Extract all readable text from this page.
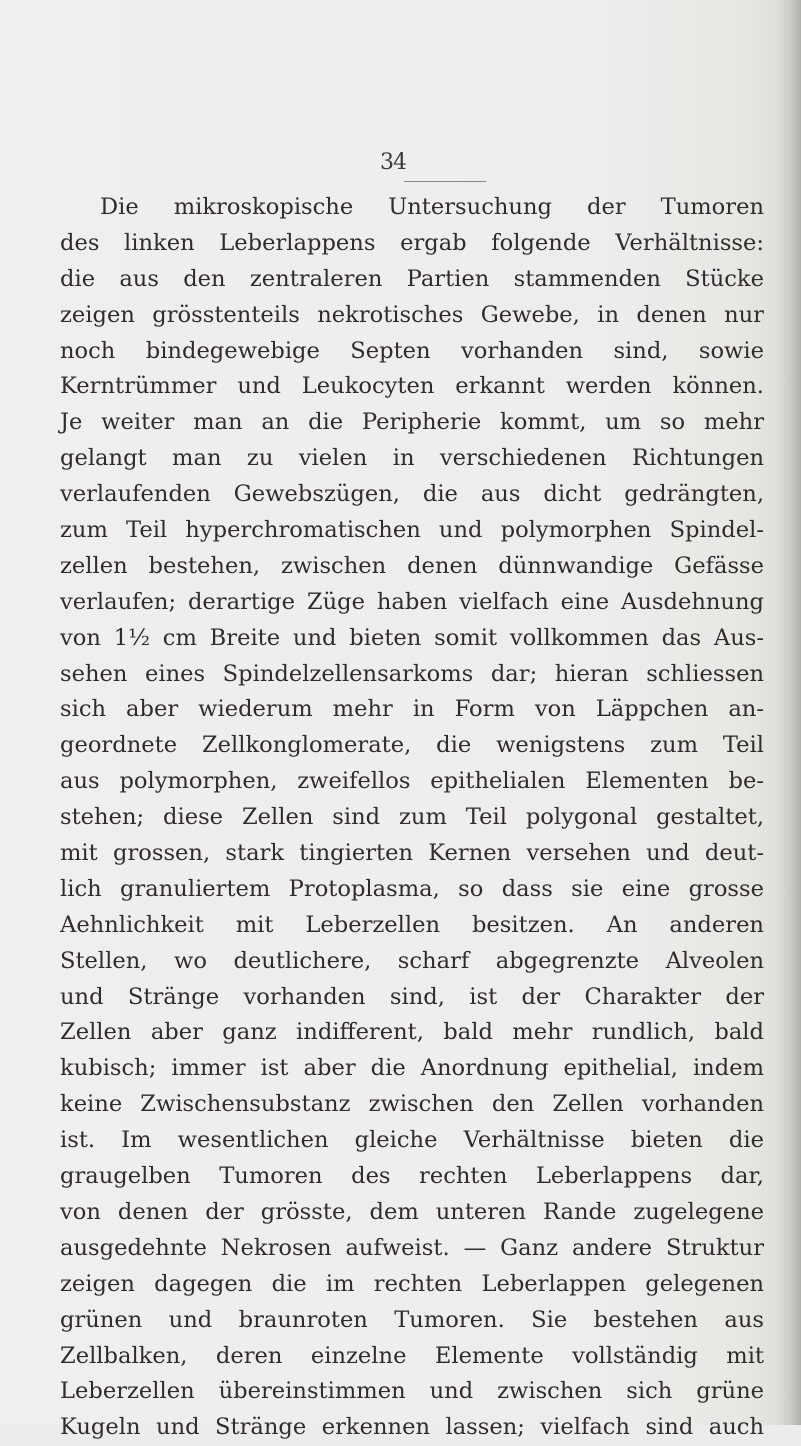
34
Die mikroskopische Untersuchung der Tumoren
des linken Leberlappens ergab folgende Verhältnisse:
die aus den zentraleren Partien stammenden Stücke
zeigen grösstenteils nekrotisches Gewebe, in denen nur
noch bindegewebige Septen vorhanden sind, sowie
Kerntrümmer und Leukocyten erkannt werden können.
Je weiter man an die Peripherie kommt, um so mehr
gelangt man zu vielen in verschiedenen Richtungen
verlaufenden Gewebszügen, die aus dicht gedrängten,
zum Teil hyperchromatischen und polymorphen Spindel-
zellen bestehen, zwischen denen dünnwandige Gefässe
verlaufen; derartige Züge haben vielfach eine Ausdehnung
von 1½ cm Breite und bieten somit vollkommen das Aus-
sehen eines Spindelzellensarkoms dar; hieran schliessen
sich aber wiederum mehr in Form von Läppchen an-
geordnete Zellkonglomerate, die wenigstens zum Teil
aus polymorphen, zweifellos epithelialen Elementen be-
stehen; diese Zellen sind zum Teil polygonal gestaltet,
mit grossen, stark tingierten Kernen versehen und deut-
lich granuliertem Protoplasma, so dass sie eine grosse
Aehnlichkeit mit Leberzellen besitzen. An anderen
Stellen, wo deutlichere, scharf abgegrenzte Alveolen
und Stränge vorhanden sind, ist der Charakter der
Zellen aber ganz indifferent, bald mehr rundlich, bald
kubisch; immer ist aber die Anordnung epithelial, indem
keine Zwischensubstanz zwischen den Zellen vorhanden
ist. Im wesentlichen gleiche Verhältnisse bieten die
graugelben Tumoren des rechten Leberlappens dar,
von denen der grösste, dem unteren Rande zugelegene
ausgedehnte Nekrosen aufweist. — Ganz andere Struktur
zeigen dagegen die im rechten Leberlappen gelegenen
grünen und braunroten Tumoren. Sie bestehen aus
Zellbalken, deren einzelne Elemente vollständig mit
Leberzellen übereinstimmen und zwischen sich grüne
Kugeln und Stränge erkennen lassen; vielfach sind auch
